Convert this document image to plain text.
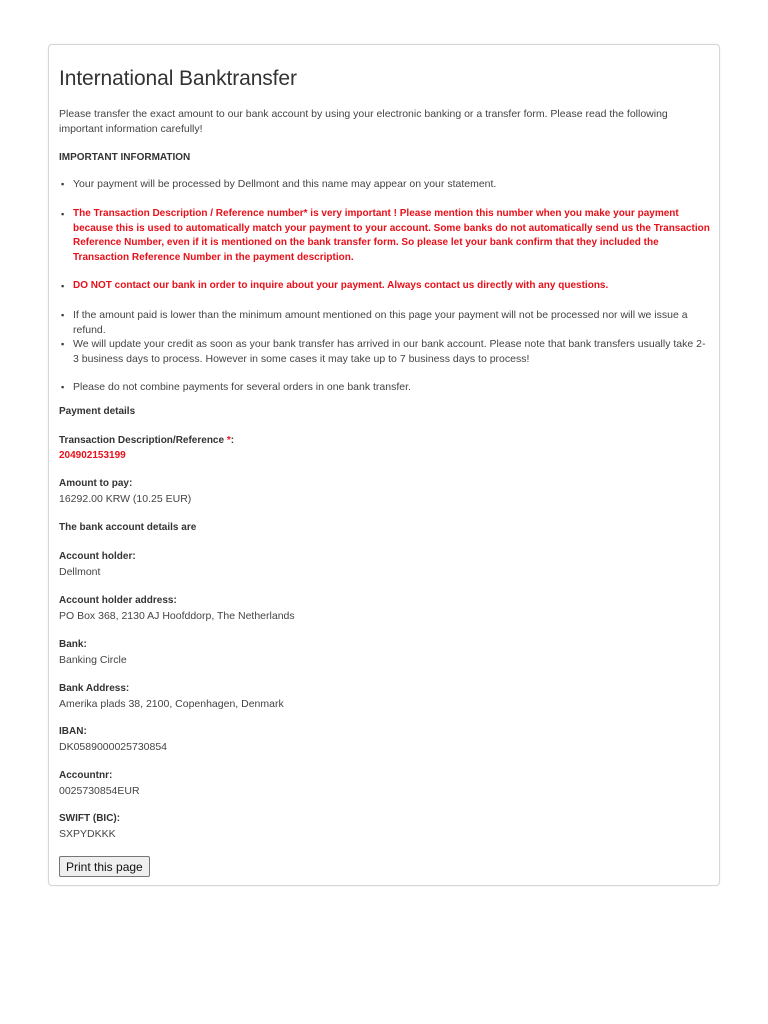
International Banktransfer

Please transfer the exact amount to our bank account by using your electronic banking or a transfer form. Please read the following important information carefully!

IMPORTANT INFORMATION

▪ Your payment will be processed by Dellmont and this name may appear on your statement.
▪ The Transaction Description / Reference number* is very important ! Please mention this number when you make your payment because this is used to automatically match your payment to your account. Some banks do not automatically send us the Transaction Reference Number, even if it is mentioned on the bank transfer form. So please let your bank confirm that they included the Transaction Reference Number in the payment description.
▪ DO NOT contact our bank in order to inquire about your payment. Always contact us directly with any questions.
▪ If the amount paid is lower than the minimum amount mentioned on this page your payment will not be processed nor will we issue a refund.
▪ We will update your credit as soon as your bank transfer has arrived in our bank account. Please note that bank transfers usually take 2-3 business days to process. However in some cases it may take up to 7 business days to process!
▪ Please do not combine payments for several orders in one bank transfer.

Payment details

Transaction Description/Reference *:
204902153199
Amount to pay:
16292.00 KRW (10.25 EUR)

The bank account details are

Account holder:
Dellmont
Account holder address:
PO Box 368, 2130 AJ Hoofddorp, The Netherlands
Bank:
Banking Circle
Bank Address:
Amerika plads 38, 2100, Copenhagen, Denmark
IBAN:
DK0589000025730854
Accountnr:
0025730854EUR
SWIFT (BIC):
SXPYDKKK
Print this page
